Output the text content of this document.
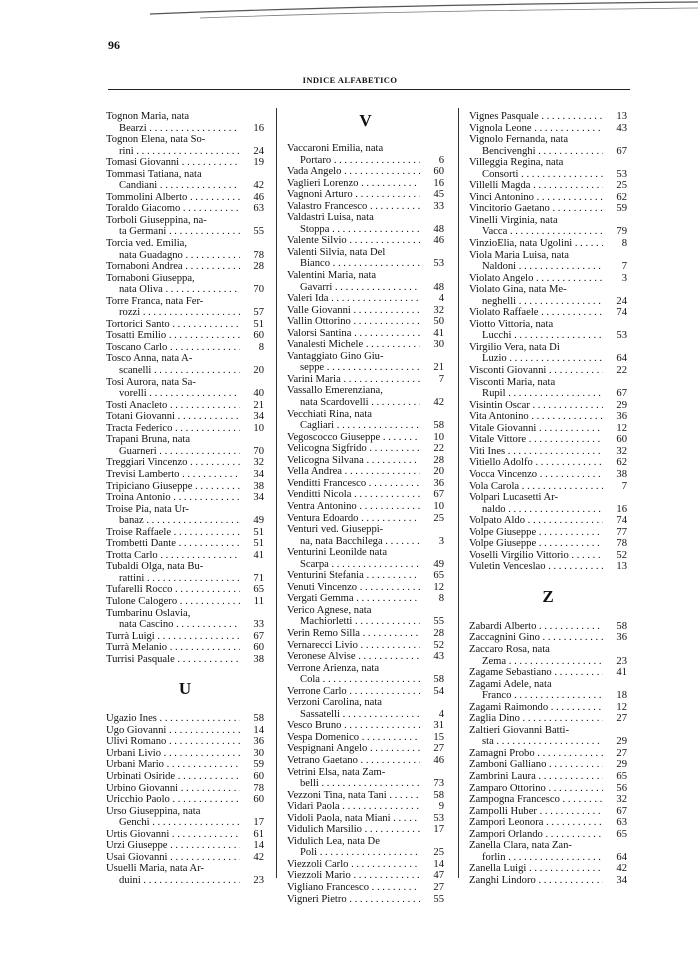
96
INDICE ALFABETICO
Tognon Maria, nata
Bearzi . . .	16
Tognon Elena, nata So-
rini . . .	24
Tomasi Giovanni . . .	19
Tommasi Tatiana, nata
Candiani . . .	42
Tommolini Alberto . . .	46
Toraldo Giacomo . . .	63
Torboli Giuseppina, na-
ta Germani . . .	55
Torcia ved. Emilia,
nata Guadagno . . .	78
Tornaboni Andrea . . .	28
Tornaboni Giuseppa,
nata Oliva . . .	70
Torre Franca, nata Fer-
rozzi . . .	57
Tortorici Santo . . .	51
Tosatti Emilio . . .	60
Toscano Carlo . . .	8
Tosco Anna, nata A-
scanelli . . .	20
Tosi Aurora, nata Sa-
vorelli . . .	40
Tosti Anacleto . . .	21
Totani Giovanni . . .	34
Tracta Federico . . .	10
Trapani Bruna, nata
Guarneri . . .	70
Treggiari Vincenzo . . .	32
Trevisi Lamberto . . .	34
Tripiciano Giuseppe . . .	38
Troina Antonio . . .	34
Troise Pia, nata Ur-
banaz . . .	49
Troise Raffaele . . .	51
Trombetti Dante . . .	51
Trotta Carlo . . .	41
Tubaldi Olga, nata Bu-
rattini . . .	71
Tufarelli Rocco . . .	65
Tulone Calogero . . .	11
Tumbarinu Oslavia,
nata Cascino . . .	33
Turrà Luigi . . .	67
Turrà Melanio . . .	60
Turrisi Pasquale . . .	38
U
Ugazio Ines . . .	58
Ugo Giovanni . . .	14
Ulivi Romano . . .	36
Urbani Livio . . .	30
Urbani Mario . . .	59
Urbinati Osiride . . .	60
Urbino Giovanni . . .	78
Uricchio Paolo . . .	60
Urso Giuseppina, nata
Genchi . . .	17
Urtis Giovanni . . .	61
Urzi Giuseppe . . .	14
Usai Giovanni . . .	42
Usuelli Maria, nata Ar-
duini . . .	23
V
Vaccaroni Emilia, nata
Portaro . . .	6
Vada Angelo . . .	60
Vaglieri Lorenzo . . .	16
Vagnoni Arturo . . .	45
Valastro Francesco . . .	33
Valdastri Luisa, nata
Stoppa . . .	48
Valente Silvio . . .	46
Valenti Silvia, nata Del
Bianco . . .	53
Valentini Maria, nata
Gavarri . . .	48
Valeri Ida . . .	4
Valle Giovanni . . .	32
Vallin Ottorino . . .	50
Valorsi Santina . . .	41
Vanalesti Michele . . .	30
Vantaggiato Gino Giu-
seppe . . .	21
Varini Maria . . .	7
Vassallo Emerenziana,
nata Scardovelli . . .	42
Vecchiati Rina, nata
Cagliari . . .	58
Vegoscocco Giuseppe . . .	10
Velicogna Sigfrido . . .	22
Velicogna Silvana . . .	28
Vella Andrea . . .	20
Venditti Francesco . . .	36
Venditti Nicola . . .	67
Ventra Antonino . . .	10
Ventura Edoardo . . .	25
Venturi ved. Giuseppi-
na, nata Bacchilega . . .	3
Venturini Leonilde nata
Scarpa . . .	49
Venturini Stefania . . .	65
Venuti Vincenzo . . .	12
Vergati Gemma . . .	8
Verico Agnese, nata
Machiorletti . . .	55
Verin Remo Silla . . .	28
Vernarecci Livio . . .	52
Veronese Alvise . . .	43
Verrone Arienza, nata
Cola . . .	58
Verrone Carlo . . .	54
Verzoni Carolina, nata
Sassatelli . . .	4
Vesco Bruno . . .	31
Vespa Domenico . . .	15
Vespignani Angelo . . .	27
Vetrano Gaetano . . .	46
Vetrini Elsa, nata Zam-
belli . . .	73
Vezzoni Tina, nata Tani . . .	58
Vidari Paola . . .	9
Vidoli Paola, nata Miani . . .	53
Vidulich Marsilio . . .	17
Vidulich Lea, nata De
Poli . . .	25
Viezzoli Carlo . . .	14
Viezzoli Mario . . .	47
Vigliano Francesco . . .	27
Vigneri Pietro . . .	55
Vignes Pasquale . . .	13
Vignola Leone . . .	43
Vignolo Fernanda, nata
Bencivenghi . . .	67
Villeggia Regina, nata
Consorti . . .	53
Villelli Magda . . .	25
Vinci Antonino . . .	62
Vincitorio Gaetano . . .	59
Vinelli Virginia, nata
Vacca . . .	79
VinzioElia, nata Ugolini . . .	8
Viola Maria Luisa, nata
Naldoni . . .	7
Violato Angelo . . .	3
Violato Gina, nata Me-
neghelli . . .	24
Violato Raffaele . . .	74
Viotto Vittoria, nata
Lucchi . . .	53
Virgilio Vera, nata Di
Luzio . . .	64
Visconti Giovanni . . .	22
Visconti Maria, nata
Rupil . . .	67
Visintin Oscar . . .	29
Vita Antonino . . .	36
Vitale Giovanni . . .	12
Vitale Vittore . . .	60
Viti Ines . . .	32
Vitiello Adolfo . . .	62
Vocca Vincenzo . . .	38
Vola Carola . . .	7
Volpari Lucasetti Ar-
naldo . . .	16
Volpato Aldo . . .	74
Volpe Giuseppe . . .	77
Volpe Giuseppe . . .	78
Voselli Virgilio Vittorio . . .	52
Vuletin Venceslao . . .	13
Z
Zabardi Alberto . . .	58
Zaccagnini Gino . . .	36
Zaccaro Rosa, nata
Zema . . .	23
Zagame Sebastiano . . .	41
Zagami Adele, nata
Franco . . .	18
Zagami Raimondo . . .	12
Zaglia Dino . . .	27
Zaltieri Giovanni Batti-
sta . . .	29
Zamagni Probo . . .	27
Zamboni Galliano . . .	29
Zambrini Laura . . .	65
Zamparo Ottorino . . .	56
Zampogna Francesco . . .	32
Zampolli Huber . . .	67
Zampori Leonora . . .	63
Zampori Orlando . . .	65
Zanella Clara, nata Zan-
forlin . . .	64
Zanella Luigi . . .	42
Zanghi Lindoro . . .	34
